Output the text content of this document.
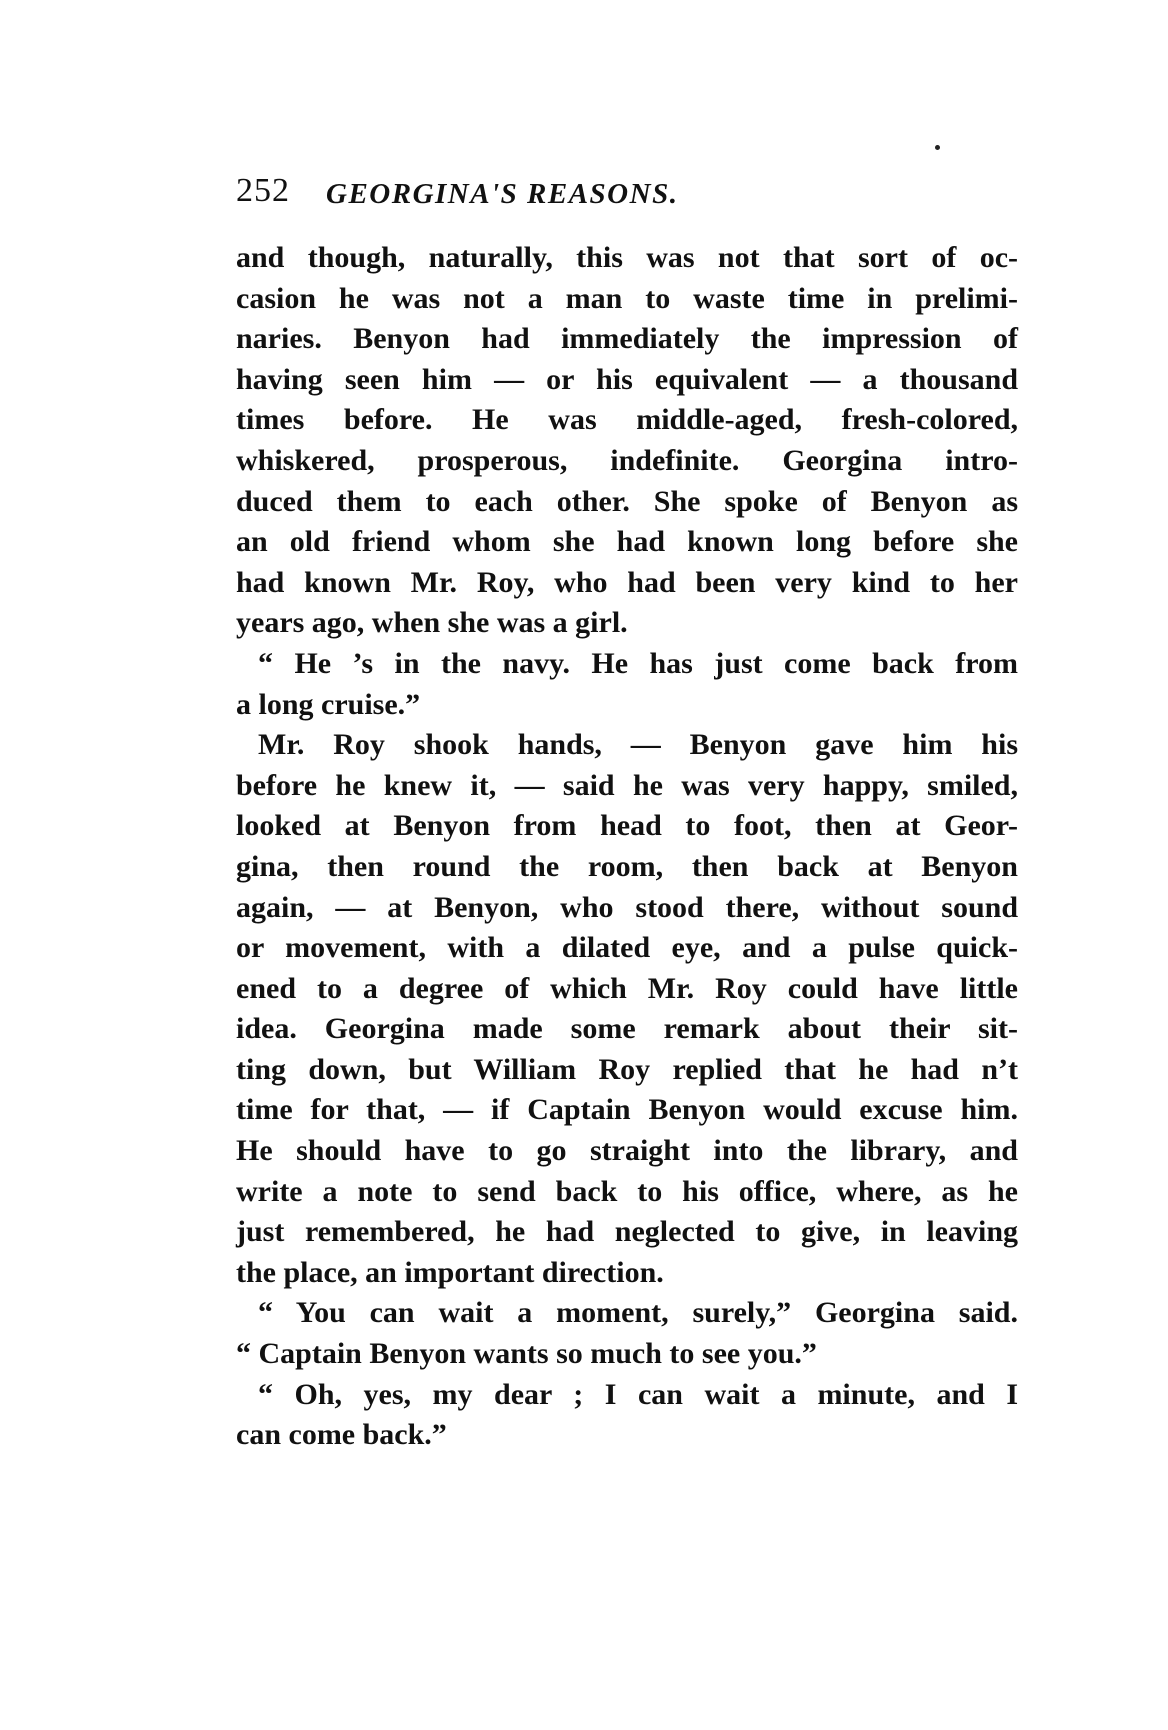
252 GEORGINA'S REASONS.
and though, naturally, this was not that sort of oc-
casion he was not a man to waste time in prelimi-
naries. Benyon had immediately the impression of
having seen him — or his equivalent — a thousand
times before. He was middle-aged, fresh-colored,
whiskered, prosperous, indefinite. Georgina intro-
duced them to each other. She spoke of Benyon as
an old friend whom she had known long before she
had known Mr. Roy, who had been very kind to her
years ago, when she was a girl.
“ He ’s in the navy. He has just come back from
a long cruise.”
Mr. Roy shook hands, — Benyon gave him his
before he knew it, — said he was very happy, smiled,
looked at Benyon from head to foot, then at Geor-
gina, then round the room, then back at Benyon
again, — at Benyon, who stood there, without sound
or movement, with a dilated eye, and a pulse quick-
ened to a degree of which Mr. Roy could have little
idea. Georgina made some remark about their sit-
ting down, but William Roy replied that he had n’t
time for that, — if Captain Benyon would excuse him.
He should have to go straight into the library, and
write a note to send back to his office, where, as he
just remembered, he had neglected to give, in leaving
the place, an important direction.
“ You can wait a moment, surely,” Georgina said.
“ Captain Benyon wants so much to see you.”
“ Oh, yes, my dear ; I can wait a minute, and I
can come back.”
